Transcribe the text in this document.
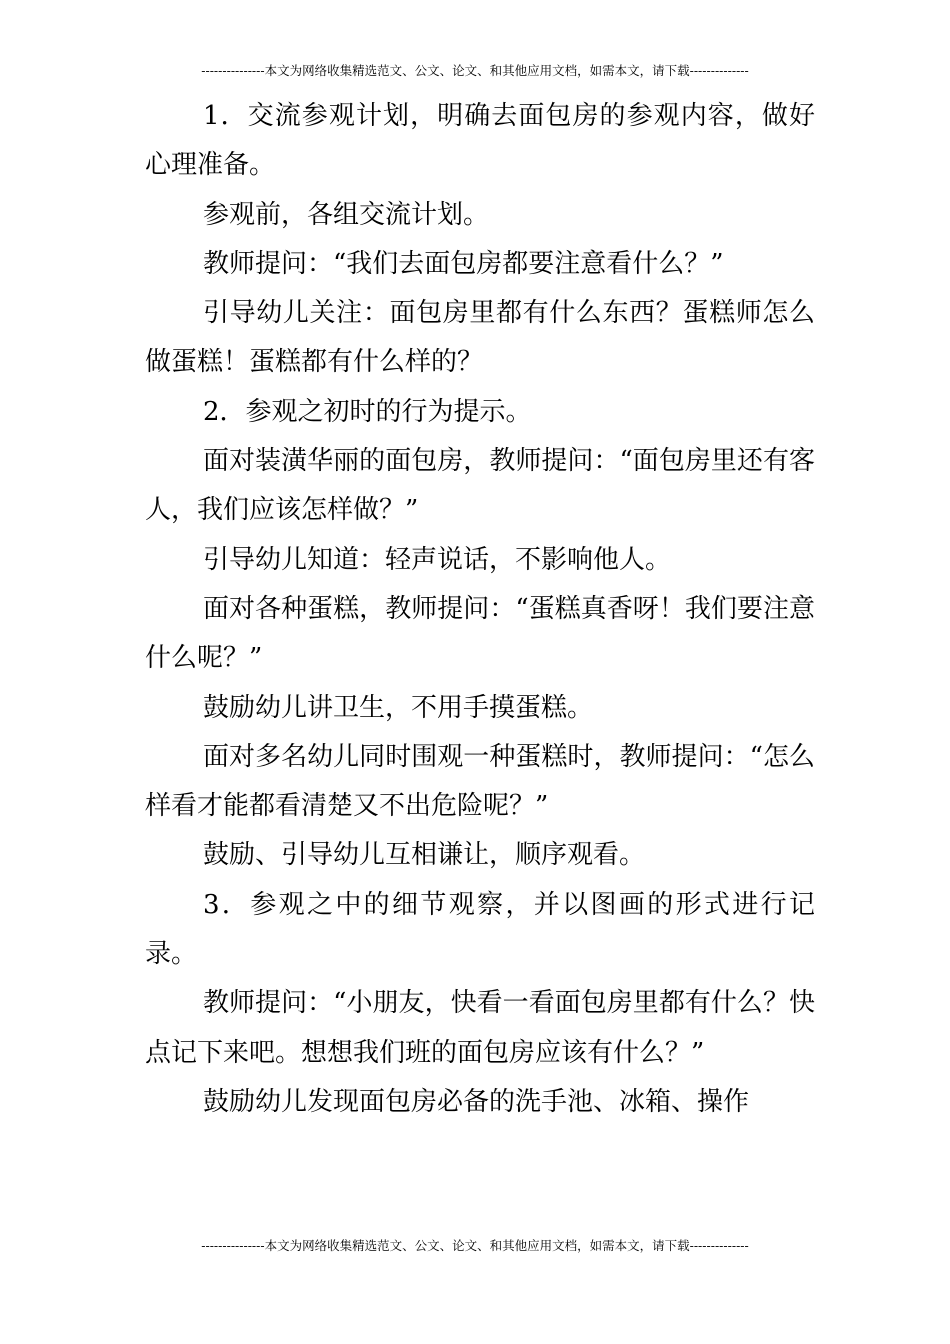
---------------本文为网络收集精选范文、公文、论文、和其他应用文档，如需本文，请下载--------------

1．交流参观计划，明确去面包房的参观内容，做好心理准备。

参观前，各组交流计划。

教师提问：“我们去面包房都要注意看什么？”

引导幼儿关注：面包房里都有什么东西？蛋糕师怎么做蛋糕！蛋糕都有什么样的？

2．参观之初时的行为提示。

面对装潢华丽的面包房，教师提问：“面包房里还有客人，我们应该怎样做？”

引导幼儿知道：轻声说话，不影响他人。

面对各种蛋糕，教师提问：“蛋糕真香呀！我们要注意什么呢？”

鼓励幼儿讲卫生，不用手摸蛋糕。

面对多名幼儿同时围观一种蛋糕时，教师提问：“怎么样看才能都看清楚又不出危险呢？”

鼓励、引导幼儿互相谦让，顺序观看。

3．参观之中的细节观察，并以图画的形式进行记录。

教师提问：“小朋友，快看一看面包房里都有什么？快点记下来吧。想想我们班的面包房应该有什么？”

鼓励幼儿发现面包房必备的洗手池、冰箱、操作

---------------本文为网络收集精选范文、公文、论文、和其他应用文档，如需本文，请下载--------------
